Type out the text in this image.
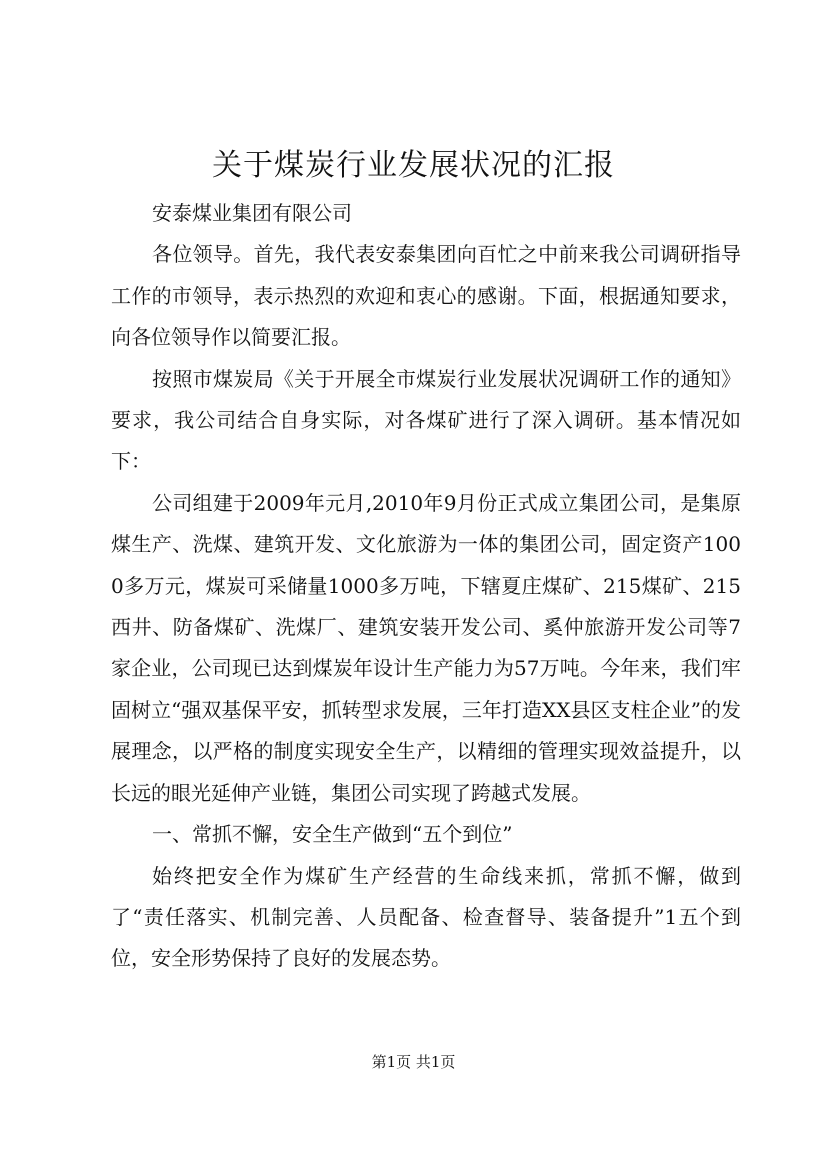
关于煤炭行业发展状况的汇报

安泰煤业集团有限公司

各位领导。首先，我代表安泰集团向百忙之中前来我公司调研指导工作的市领导，表示热烈的欢迎和衷心的感谢。下面，根据通知要求，向各位领导作以简要汇报。

按照市煤炭局《关于开展全市煤炭行业发展状况调研工作的通知》要求，我公司结合自身实际，对各煤矿进行了深入调研。基本情况如下：

公司组建于2009年元月,2010年9月份正式成立集团公司，是集原煤生产、洗煤、建筑开发、文化旅游为一体的集团公司，固定资产1000多万元，煤炭可采储量1000多万吨，下辖夏庄煤矿、215煤矿、215西井、防备煤矿、洗煤厂、建筑安装开发公司、奚仲旅游开发公司等7家企业，公司现已达到煤炭年设计生产能力为57万吨。今年来，我们牢固树立“强双基保平安，抓转型求发展，三年打造XX县区支柱企业”的发展理念，以严格的制度实现安全生产，以精细的管理实现效益提升，以长远的眼光延伸产业链，集团公司实现了跨越式发展。

一、常抓不懈，安全生产做到“五个到位”

始终把安全作为煤矿生产经营的生命线来抓，常抓不懈，做到了“责任落实、机制完善、人员配备、检查督导、装备提升”1五个到位，安全形势保持了良好的发展态势。

第1页 共1页
